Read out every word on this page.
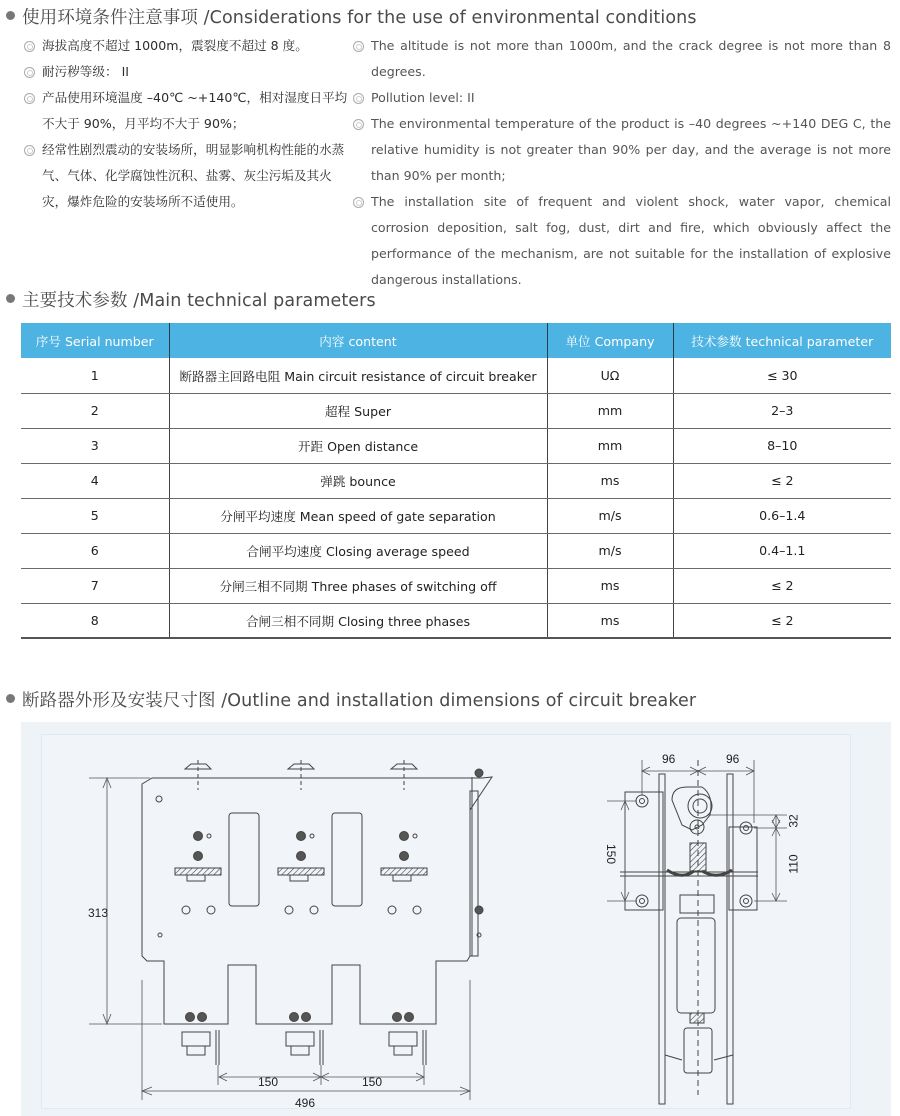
使用环境条件注意事项 /Considerations for the use of environmental conditions
海拔高度不超过 1000m，震裂度不超过 8 度。
耐污秽等级： II
产品使用环境温度 –40℃ ~+140℃，相对湿度日平均不大于 90%，月平均不大于 90%；
经常性剧烈震动的安装场所，明显影响机构性能的水蒸气、气体、化学腐蚀性沉积、盐雾、灰尘污垢及其火灾，爆炸危险的安装场所不适使用。
The altitude is not more than 1000m, and the crack degree is not more than 8 degrees.
Pollution level: II
The environmental temperature of the product is –40 degrees ~+140 DEG C, the relative humidity is not greater than 90% per day, and the average is not more than 90% per month;
The installation site of frequent and violent shock, water vapor, chemical corrosion deposition, salt fog, dust, dirt and fire, which obviously affect the performance of the mechanism, are not suitable for the installation of explosive dangerous installations.
主要技术参数 /Main technical parameters
序号 Serial number	内容 content	单位 Company	技术参数 technical parameter
1	断路器主回路电阻 Main circuit resistance of circuit breaker	UΩ	≤ 30
2	超程 Super	mm	2–3
3	开距 Open distance	mm	8–10
4	弹跳 bounce	ms	≤ 2
5	分闸平均速度 Mean speed of gate separation	m/s	0.6–1.4
6	合闸平均速度 Closing average speed	m/s	0.4–1.1
7	分闸三相不同期 Three phases of switching off	ms	≤ 2
8	合闸三相不同期 Closing three phases	ms	≤ 2
断路器外形及安装尺寸图 /Outline and installation dimensions of circuit breaker
313
150	150
496
96	96
150
32
110
